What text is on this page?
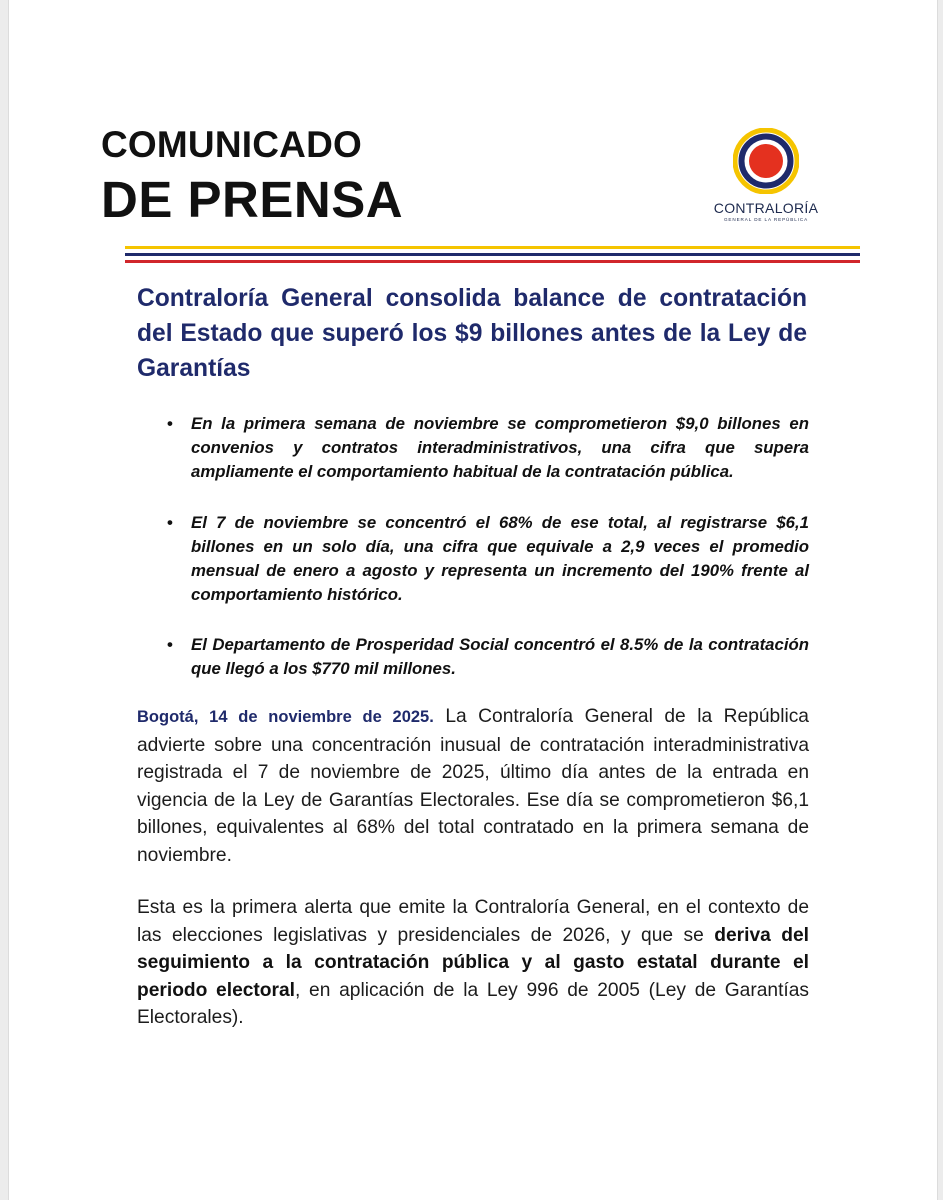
COMUNICADO
DE PRENSA	CONTRALORÍA
GENERAL DE LA REPÚBLICA
Contraloría General consolida balance de contratación del Estado que superó los $9 billones antes de la Ley de Garantías
• En la primera semana de noviembre se comprometieron $9,0 billones en convenios y contratos interadministrativos, una cifra que supera ampliamente el comportamiento habitual de la contratación pública.
• El 7 de noviembre se concentró el 68% de ese total, al registrarse $6,1 billones en un solo día, una cifra que equivale a 2,9 veces el promedio mensual de enero a agosto y representa un incremento del 190% frente al comportamiento histórico.
• El Departamento de Prosperidad Social concentró el 8.5% de la contratación que llegó a los $770 mil millones.

Bogotá, 14 de noviembre de 2025. La Contraloría General de la República advierte sobre una concentración inusual de contratación interadministrativa registrada el 7 de noviembre de 2025, último día antes de la entrada en vigencia de la Ley de Garantías Electorales. Ese día se comprometieron $6,1 billones, equivalentes al 68% del total contratado en la primera semana de noviembre.

Esta es la primera alerta que emite la Contraloría General, en el contexto de las elecciones legislativas y presidenciales de 2026, y que se deriva del seguimiento a la contratación pública y al gasto estatal durante el periodo electoral, en aplicación de la Ley 996 de 2005 (Ley de Garantías Electorales).
